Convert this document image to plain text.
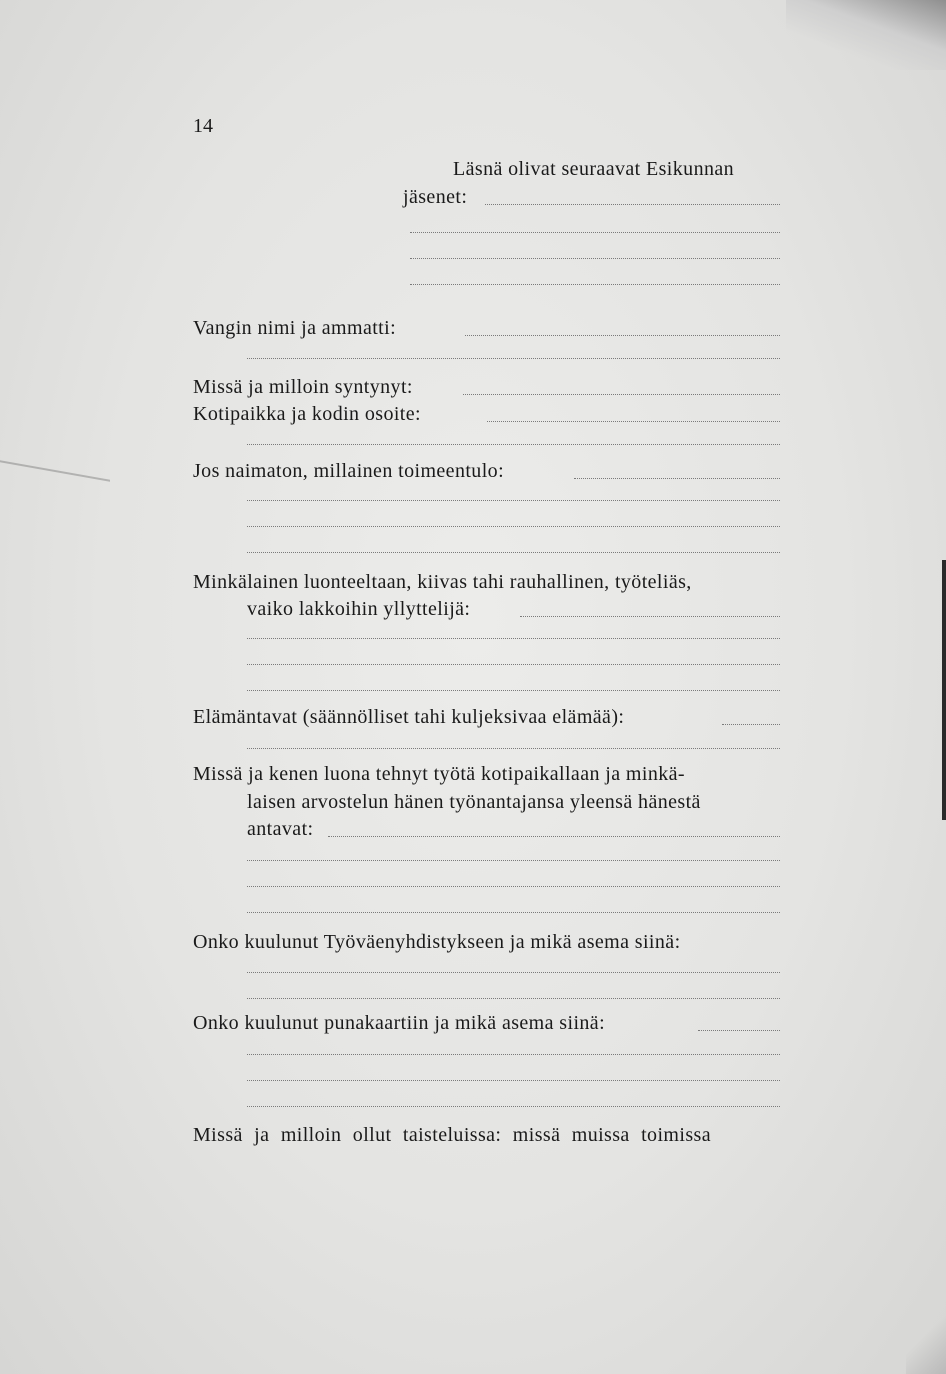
14
Läsnä olivat seuraavat Esikunnan
jäsenet:
Vangin nimi ja ammatti:
Missä ja milloin syntynyt:
Kotipaikka ja kodin osoite:
Jos naimaton, millainen toimeentulo:
Minkälainen luonteeltaan, kiivas tahi rauhallinen, työteliäs,
vaiko lakkoihin yllyttelijä:
Elämäntavat (säännölliset tahi kuljeksivaa elämää):
Missä ja kenen luona tehnyt työtä kotipaikallaan ja minkä-
laisen arvostelun hänen työnantajansa yleensä hänestä
antavat:
Onko kuulunut Työväenyhdistykseen ja mikä asema siinä:
Onko kuulunut punakaartiin ja mikä asema siinä:
Missä ja milloin ollut taisteluissa: missä muissa toimissa
